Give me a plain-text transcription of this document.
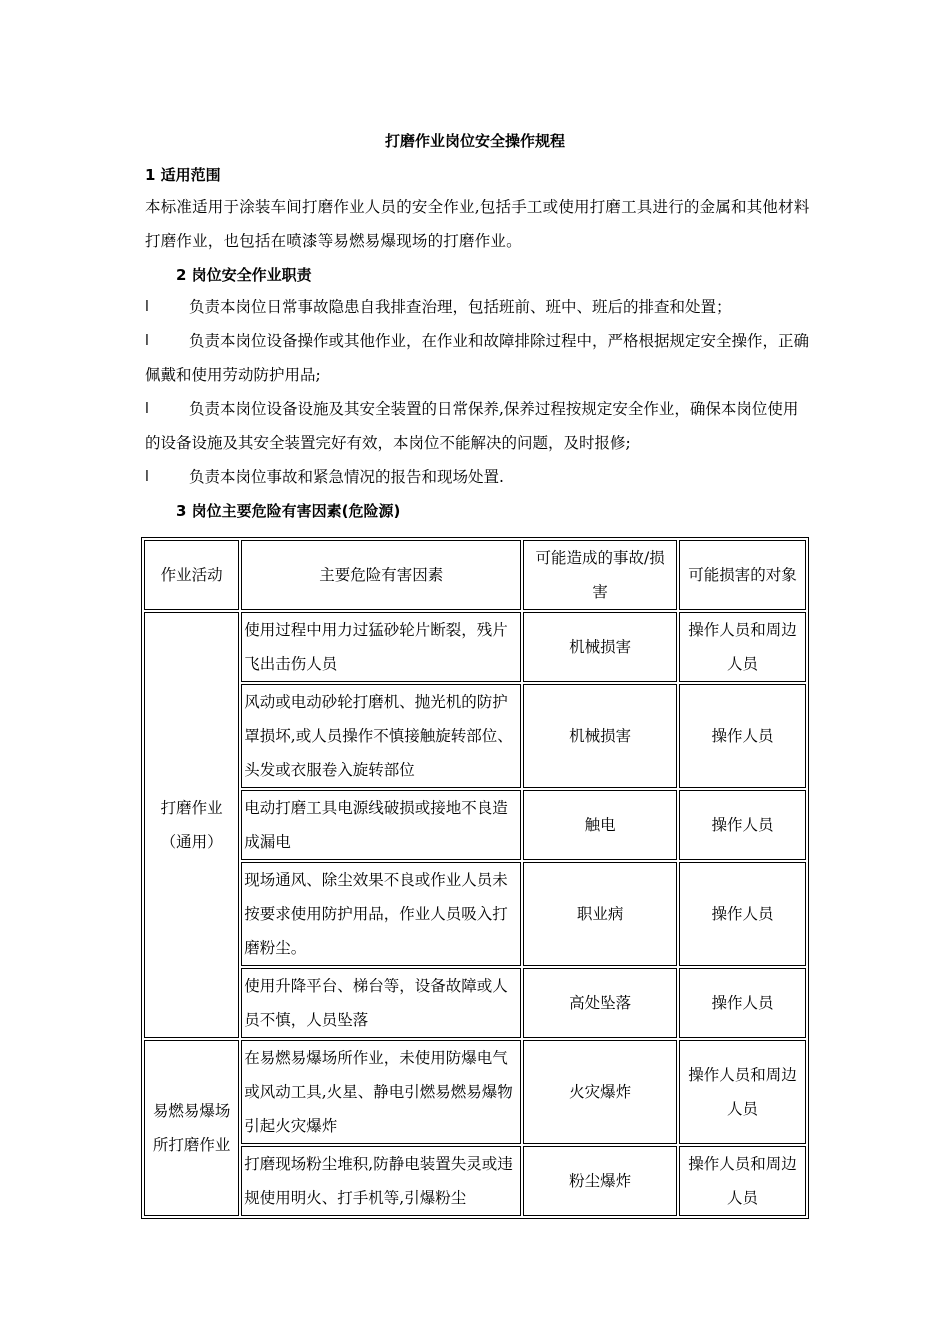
打磨作业岗位安全操作规程
1 适用范围
本标准适用于涂装车间打磨作业人员的安全作业,包括手工或使用打磨工具进行的金属和其他材料打磨作业，也包括在喷漆等易燃易爆现场的打磨作业。
2 岗位安全作业职责
l	负责本岗位日常事故隐患自我排查治理，包括班前、班中、班后的排查和处置；
l	负责本岗位设备操作或其他作业，在作业和故障排除过程中，严格根据规定安全操作，正确佩戴和使用劳动防护用品;
l	负责本岗位设备设施及其安全装置的日常保养,保养过程按规定安全作业，确保本岗位使用的设备设施及其安全装置完好有效，本岗位不能解决的问题，及时报修;
l	负责本岗位事故和紧急情况的报告和现场处置.
3 岗位主要危险有害因素(危险源)
作业活动	主要危险有害因素	可能造成的事故/损害	可能损害的对象
打磨作业（通用）	使用过程中用力过猛砂轮片断裂，残片飞出击伤人员	机械损害	操作人员和周边人员
	风动或电动砂轮打磨机、抛光机的防护罩损坏,或人员操作不慎接触旋转部位、头发或衣服卷入旋转部位	机械损害	操作人员
	电动打磨工具电源线破损或接地不良造成漏电	触电	操作人员
	现场通风、除尘效果不良或作业人员未按要求使用防护用品，作业人员吸入打磨粉尘。	职业病	操作人员
	使用升降平台、梯台等，设备故障或人员不慎，人员坠落	高处坠落	操作人员
易燃易爆场所打磨作业	在易燃易爆场所作业，未使用防爆电气或风动工具,火星、静电引燃易燃易爆物引起火灾爆炸	火灾爆炸	操作人员和周边人员
	打磨现场粉尘堆积,防静电装置失灵或违规使用明火、打手机等,引爆粉尘	粉尘爆炸	操作人员和周边人员
